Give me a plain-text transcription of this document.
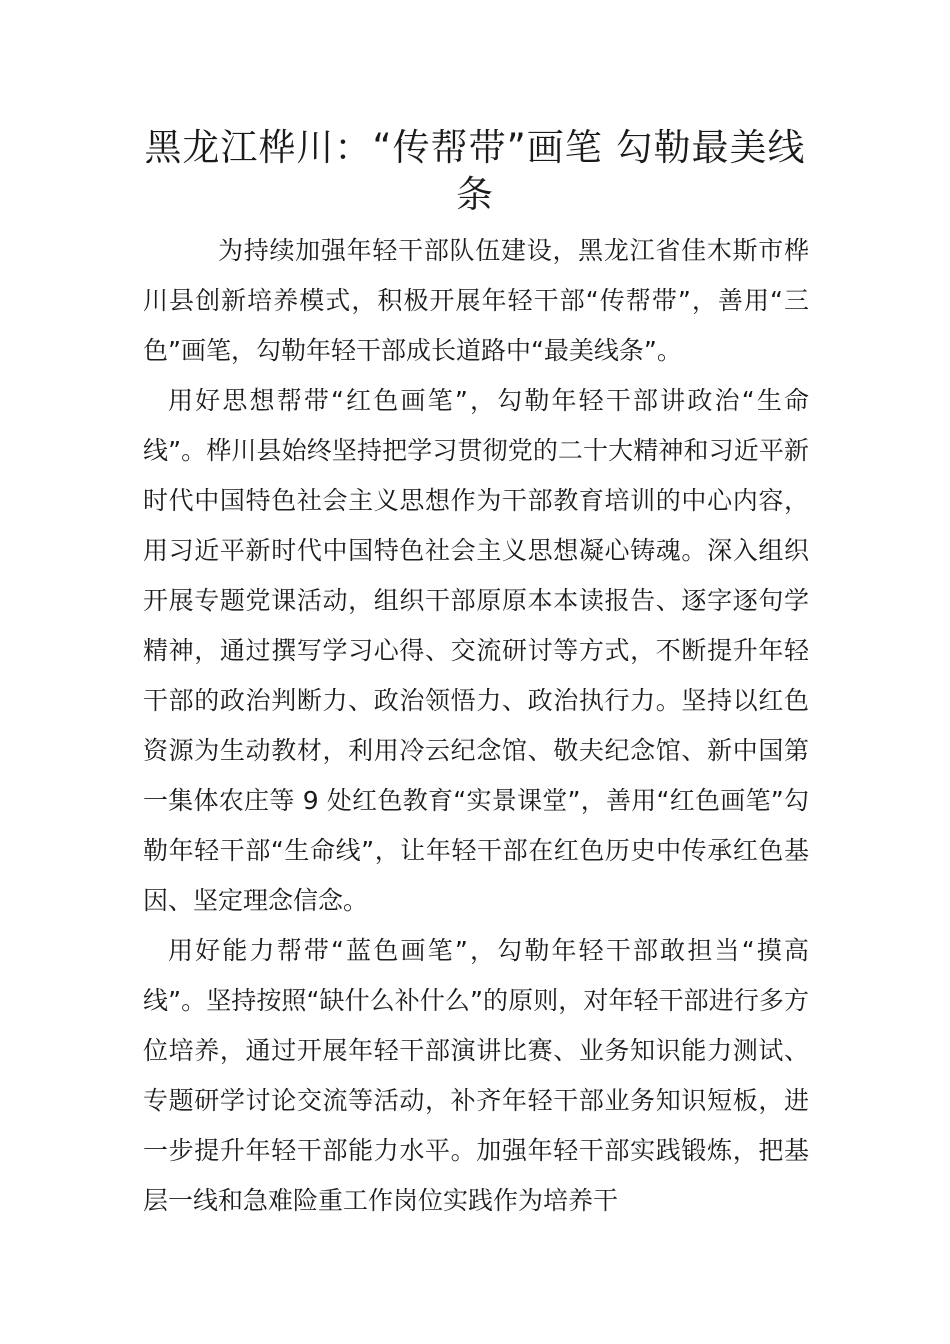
黑龙江桦川：“传帮带”画笔 勾勒最美线条

为持续加强年轻干部队伍建设，黑龙江省佳木斯市桦川县创新培养模式，积极开展年轻干部“传帮带”，善用“三色”画笔，勾勒年轻干部成长道路中“最美线条”。

用好思想帮带“红色画笔”，勾勒年轻干部讲政治“生命线”。桦川县始终坚持把学习贯彻党的二十大精神和习近平新时代中国特色社会主义思想作为干部教育培训的中心内容，用习近平新时代中国特色社会主义思想凝心铸魂。深入组织开展专题党课活动，组织干部原原本本读报告、逐字逐句学精神，通过撰写学习心得、交流研讨等方式，不断提升年轻干部的政治判断力、政治领悟力、政治执行力。坚持以红色资源为生动教材，利用冷云纪念馆、敬夫纪念馆、新中国第一集体农庄等 9 处红色教育“实景课堂”，善用“红色画笔”勾勒年轻干部“生命线”，让年轻干部在红色历史中传承红色基因、坚定理念信念。

用好能力帮带“蓝色画笔”，勾勒年轻干部敢担当“摸高线”。坚持按照“缺什么补什么”的原则，对年轻干部进行多方位培养，通过开展年轻干部演讲比赛、业务知识能力测试、专题研学讨论交流等活动，补齐年轻干部业务知识短板，进一步提升年轻干部能力水平。加强年轻干部实践锻炼，把基层一线和急难险重工作岗位实践作为培养干
